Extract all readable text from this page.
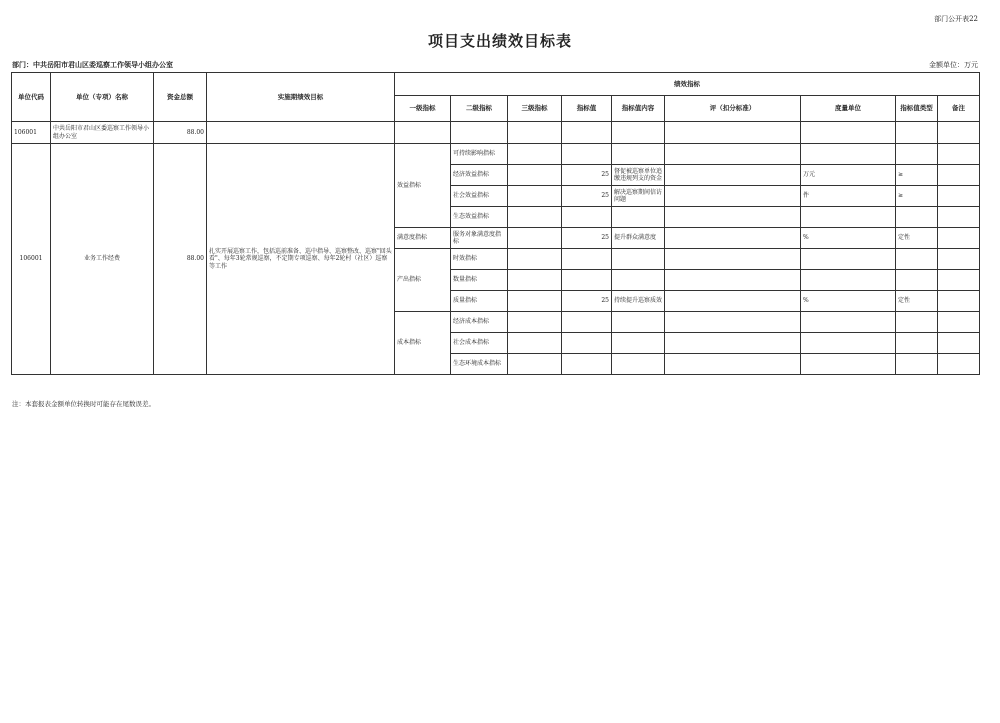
部门公开表22
项目支出绩效目标表
部门：中共岳阳市君山区委巡察工作领导小组办公室	金额单位：万元
单位代码	单位（专项）名称	资金总额	实施期绩效目标	绩效指标								
				一级指标	二级指标	三级指标	指标值	指标值内容	评（扣分标准）	度量单位	指标值类型	备注
106001	中共岳阳市君山区委巡察工作领导小组办公室	88.00										
106001	业务工作经费	88.00	扎实开展巡察工作，包括巡前准备、巡中指导、巡察整改、巡察"回头看"、每年3轮常规巡察，不定期专项巡察、每年2轮村（社区）巡察等工作	效益指标	可持续影响指标							
					经济效益指标		25	督促被巡察单位追缴违规列支的资金		万元	≥	
					社会效益指标		25	解决巡察期间信访问题		件	≥	
					生态效益指标							
				满意度指标	服务对象满意度指标		25	提升群众满意度		%	定性	
				产出指标	时效指标							
					数量指标							
					质量指标		25	持续提升巡察质效		%	定性	
				成本指标	经济成本指标							
					社会成本指标							
					生态环境成本指标							
注：本套报表金额单位转换时可能存在尾数误差。
